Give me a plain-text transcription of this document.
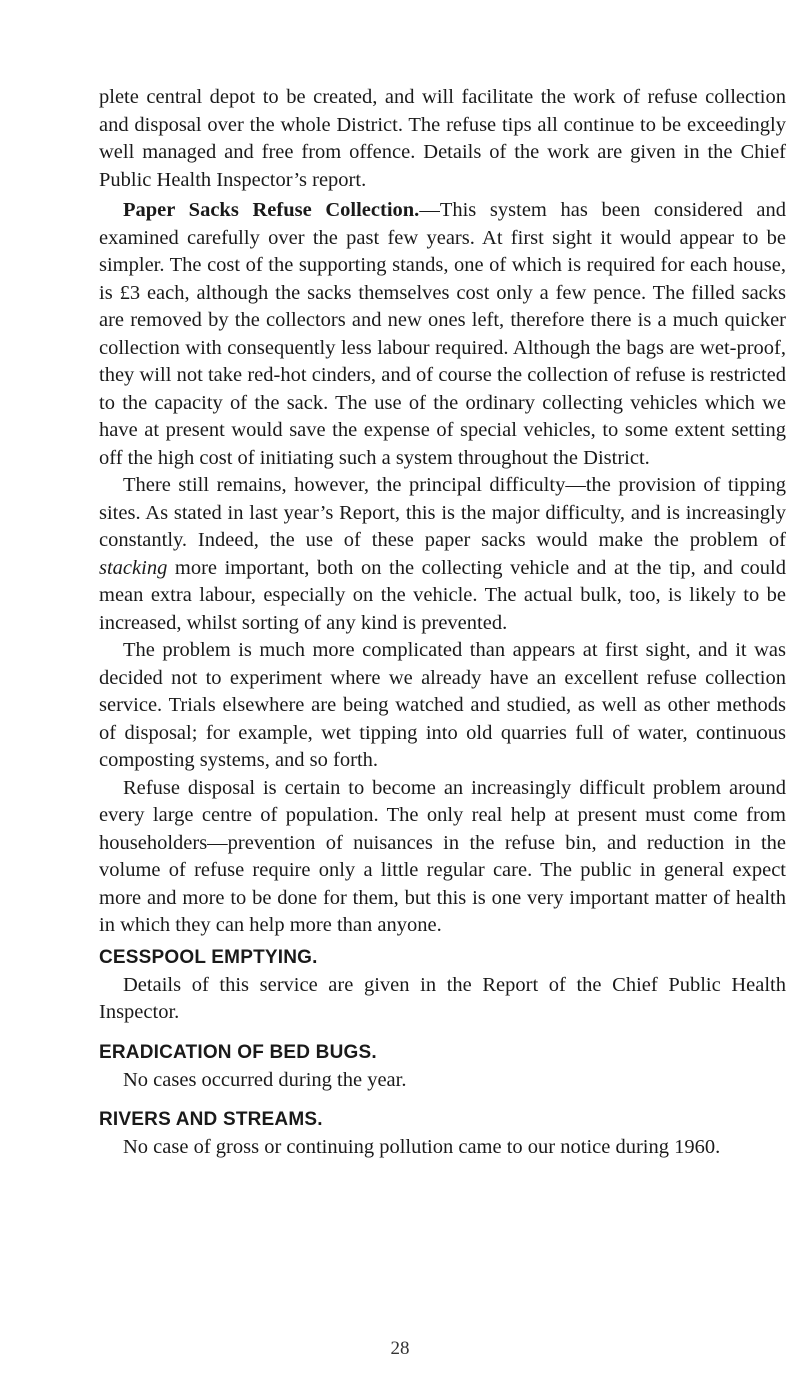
plete central depot to be created, and will facilitate the work of refuse collection and disposal over the whole District. The refuse tips all continue to be exceedingly well managed and free from offence. Details of the work are given in the Chief Public Health Inspector’s report.

Paper Sacks Refuse Collection.—This system has been considered and examined carefully over the past few years. At first sight it would appear to be simpler. The cost of the supporting stands, one of which is required for each house, is £3 each, although the sacks themselves cost only a few pence. The filled sacks are removed by the collectors and new ones left, therefore there is a much quicker collection with consequently less labour required. Although the bags are wet-proof, they will not take red-hot cinders, and of course the collection of refuse is restricted to the capacity of the sack. The use of the ordinary collecting vehicles which we have at present would save the expense of special vehicles, to some extent setting off the high cost of initiating such a system throughout the District.

There still remains, however, the principal difficulty—the provision of tipping sites. As stated in last year’s Report, this is the major difficulty, and is increasingly constantly. Indeed, the use of these paper sacks would make the problem of stacking more important, both on the collecting vehicle and at the tip, and could mean extra labour, especially on the vehicle. The actual bulk, too, is likely to be increased, whilst sorting of any kind is prevented.

The problem is much more complicated than appears at first sight, and it was decided not to experiment where we already have an excellent refuse collection service. Trials elsewhere are being watched and studied, as well as other methods of disposal; for example, wet tipping into old quarries full of water, continuous composting systems, and so forth.

Refuse disposal is certain to become an increasingly difficult problem around every large centre of population. The only real help at present must come from householders—prevention of nuisances in the refuse bin, and reduction in the volume of refuse require only a little regular care. The public in general expect more and more to be done for them, but this is one very important matter of health in which they can help more than anyone.

CESSPOOL EMPTYING.

Details of this service are given in the Report of the Chief Public Health Inspector.

ERADICATION OF BED BUGS.

No cases occurred during the year.

RIVERS AND STREAMS.

No case of gross or continuing pollution came to our notice during 1960.

28
